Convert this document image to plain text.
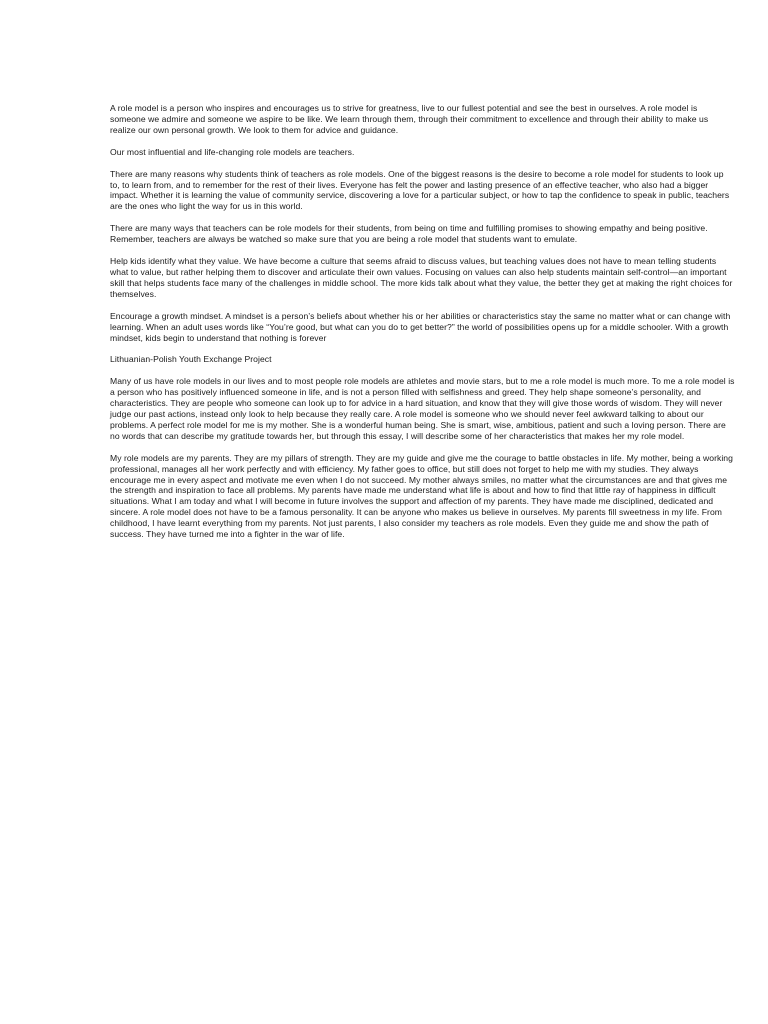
A role model is a person who inspires and encourages us to strive for greatness, live to our fullest potential and see the best in ourselves. A role model is someone we admire and someone we aspire to be like. We learn through them, through their commitment to excellence and through their ability to make us realize our own personal growth. We look to them for advice and guidance.

Our most influential and life-changing role models are teachers.

There are many reasons why students think of teachers as role models. One of the biggest reasons is the desire to become a role model for students to look up to, to learn from, and to remember for the rest of their lives. Everyone has felt the power and lasting presence of an effective teacher, who also had a bigger impact. Whether it is learning the value of community service, discovering a love for a particular subject, or how to tap the confidence to speak in public, teachers are the ones who light the way for us in this world.

There are many ways that teachers can be role models for their students, from being on time and fulfilling promises to showing empathy and being positive. Remember, teachers are always be watched so make sure that you are being a role model that students want to emulate.

Help kids identify what they value. We have become a culture that seems afraid to discuss values, but teaching values does not have to mean telling students what to value, but rather helping them to discover and articulate their own values. Focusing on values can also help students maintain self-control—an important skill that helps students face many of the challenges in middle school. The more kids talk about what they value, the better they get at making the right choices for themselves.

Encourage a growth mindset. A mindset is a person’s beliefs about whether his or her abilities or characteristics stay the same no matter what or can change with learning. When an adult uses words like “You’re good, but what can you do to get better?” the world of possibilities opens up for a middle schooler. With a growth mindset, kids begin to understand that nothing is forever

Lithuanian-Polish Youth Exchange Project

Many of us have role models in our lives and to most people role models are athletes and movie stars, but to me a role model is much more. To me a role model is a person who has positively influenced someone in life, and is not a person filled with selfishness and greed. They help shape someone’s personality, and characteristics. They are people who someone can look up to for advice in a hard situation, and know that they will give those words of wisdom. They will never judge our past actions, instead only look to help because they really care. A role model is someone who we should never feel awkward talking to about our problems. A perfect role model for me is my mother. She is a wonderful human being. She is smart, wise, ambitious, patient and such a loving person. There are no words that can describe my gratitude towards her, but through this essay, I will describe some of her characteristics that makes her my role model.

My role models are my parents. They are my pillars of strength. They are my guide and give me the courage to battle obstacles in life. My mother, being a working professional, manages all her work perfectly and with efficiency. My father goes to office, but still does not forget to help me with my studies. They always encourage me in every aspect and motivate me even when I do not succeed. My mother always smiles, no matter what the circumstances are and that gives me the strength and inspiration to face all problems. My parents have made me understand what life is about and how to find that little ray of happiness in difficult situations. What I am today and what I will become in future involves the support and affection of my parents. They have made me disciplined, dedicated and sincere. A role model does not have to be a famous personality. It can be anyone who makes us believe in ourselves. My parents fill sweetness in my life. From childhood, I have learnt everything from my parents. Not just parents, I also consider my teachers as role models. Even they guide me and show the path of success. They have turned me into a fighter in the war of life.
